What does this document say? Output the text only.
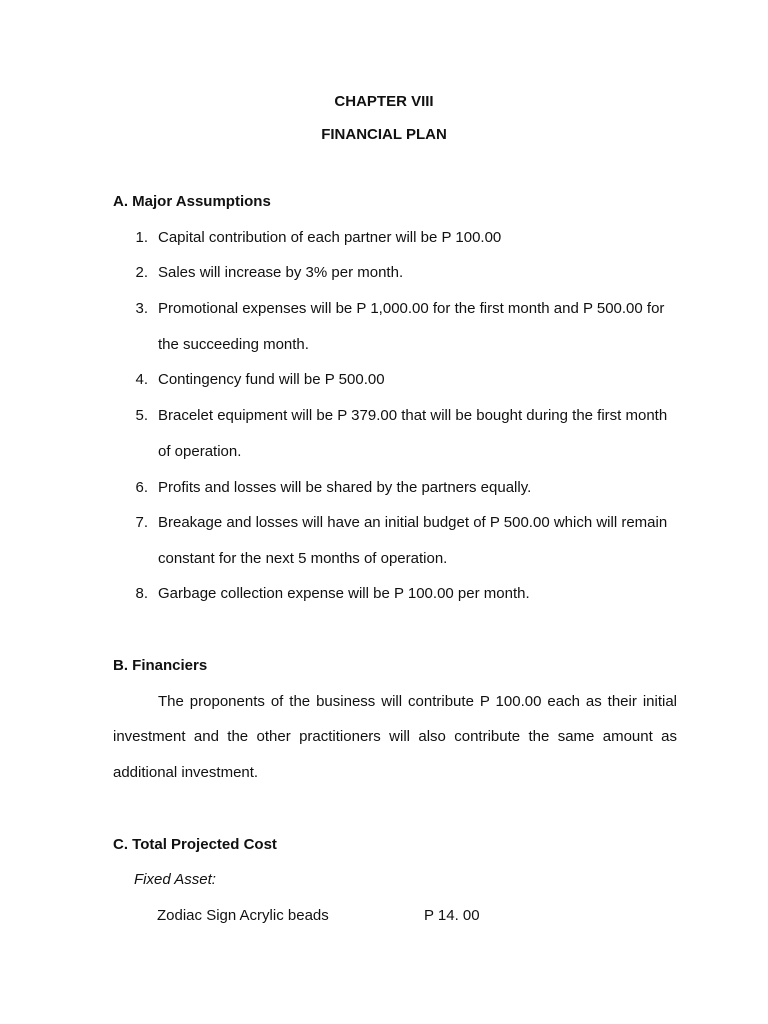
CHAPTER VIII
FINANCIAL PLAN
A. Major Assumptions
1. Capital contribution of each partner will be P 100.00
2. Sales will increase by 3% per month.
3. Promotional expenses will be P 1,000.00 for the first month and P 500.00 for
the succeeding month.
4. Contingency fund will be P 500.00
5. Bracelet equipment will be P 379.00 that will be bought during the first month
of operation.
6. Profits and losses will be shared by the partners equally.
7. Breakage and losses will have an initial budget of P 500.00 which will remain
constant for the next 5 months of operation.
8. Garbage collection expense will be P 100.00 per month.
B. Financiers
The proponents of the business will contribute P 100.00 each as their initial
investment and the other practitioners will also contribute the same amount as
additional investment.
C. Total Projected Cost
Fixed Asset:
Zodiac Sign Acrylic beads	P 14. 00
